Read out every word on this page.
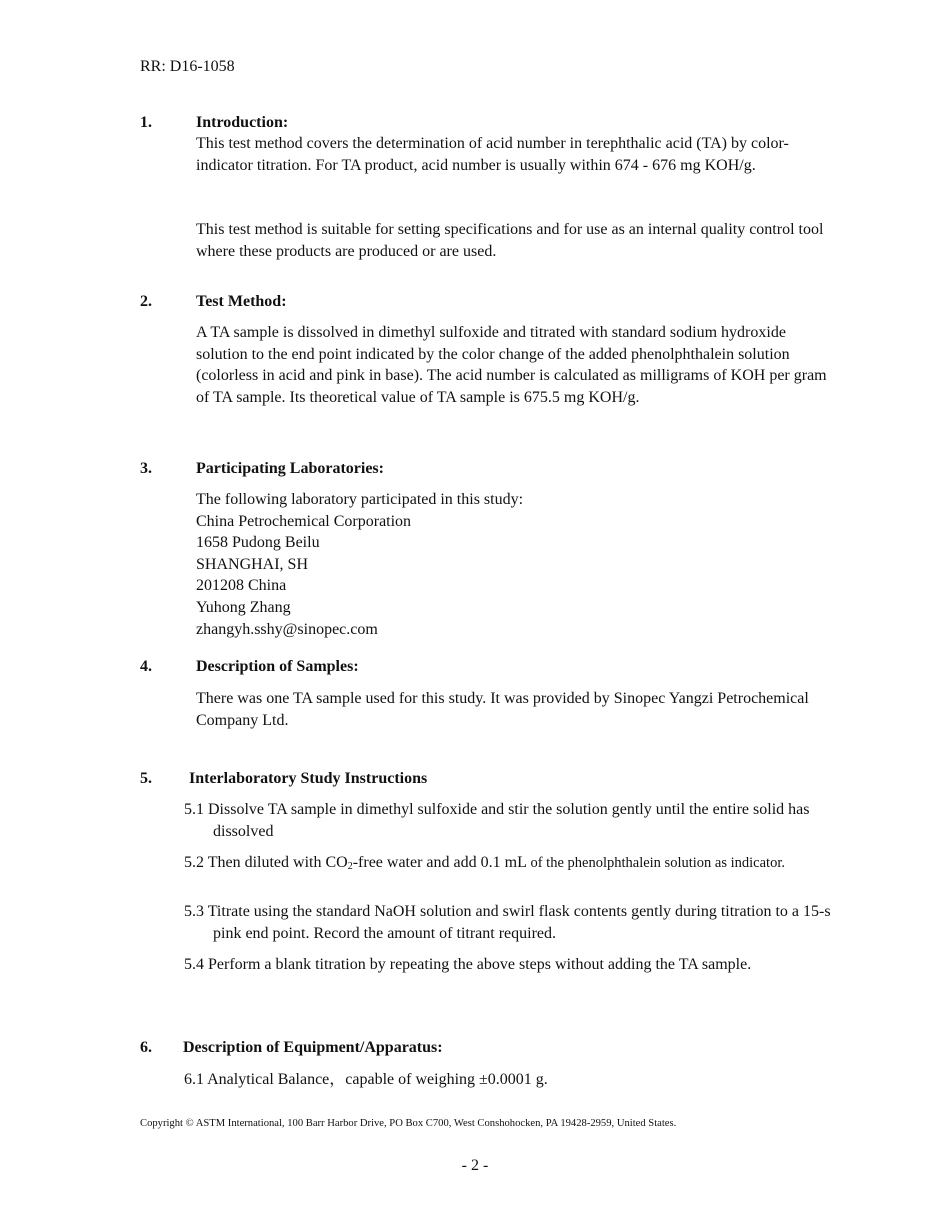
RR: D16-1058
1.	Introduction:
This test method covers the determination of acid number in terephthalic acid (TA) by color-indicator titration. For TA product, acid number is usually within 674 - 676 mg KOH/g.
This test method is suitable for setting specifications and for use as an internal quality control tool where these products are produced or are used.
2.	Test Method:
A TA sample is dissolved in dimethyl sulfoxide and titrated with standard sodium hydroxide solution to the end point indicated by the color change of the added phenolphthalein solution (colorless in acid and pink in base). The acid number is calculated as milligrams of KOH per gram of TA sample. Its theoretical value of TA sample is 675.5 mg KOH/g.
3.	Participating Laboratories:
The following laboratory participated in this study:
China Petrochemical Corporation
1658 Pudong Beilu
SHANGHAI, SH
201208 China
Yuhong Zhang
zhangyh.sshy@sinopec.com
4.	Description of Samples:
There was one TA sample used for this study. It was provided by Sinopec Yangzi Petrochemical Company Ltd.
5. Interlaboratory Study Instructions
5.1 Dissolve TA sample in dimethyl sulfoxide and stir the solution gently until the entire solid has dissolved
5.2 Then diluted with $CO_2$-free water and add 0.1 mL of the phenolphthalein solution as indicator.
5.3 Titrate using the standard NaOH solution and swirl flask contents gently during titration to a 15-s pink end point. Record the amount of titrant required.
5.4 Perform a blank titration by repeating the above steps without adding the TA sample.
6. Description of Equipment/Apparatus:
6.1 Analytical Balance，capable of weighing ±0.0001 g.
Copyright © ASTM International, 100 Barr Harbor Drive, PO Box C700, West Conshohocken, PA 19428-2959, United States.
- 2 -
